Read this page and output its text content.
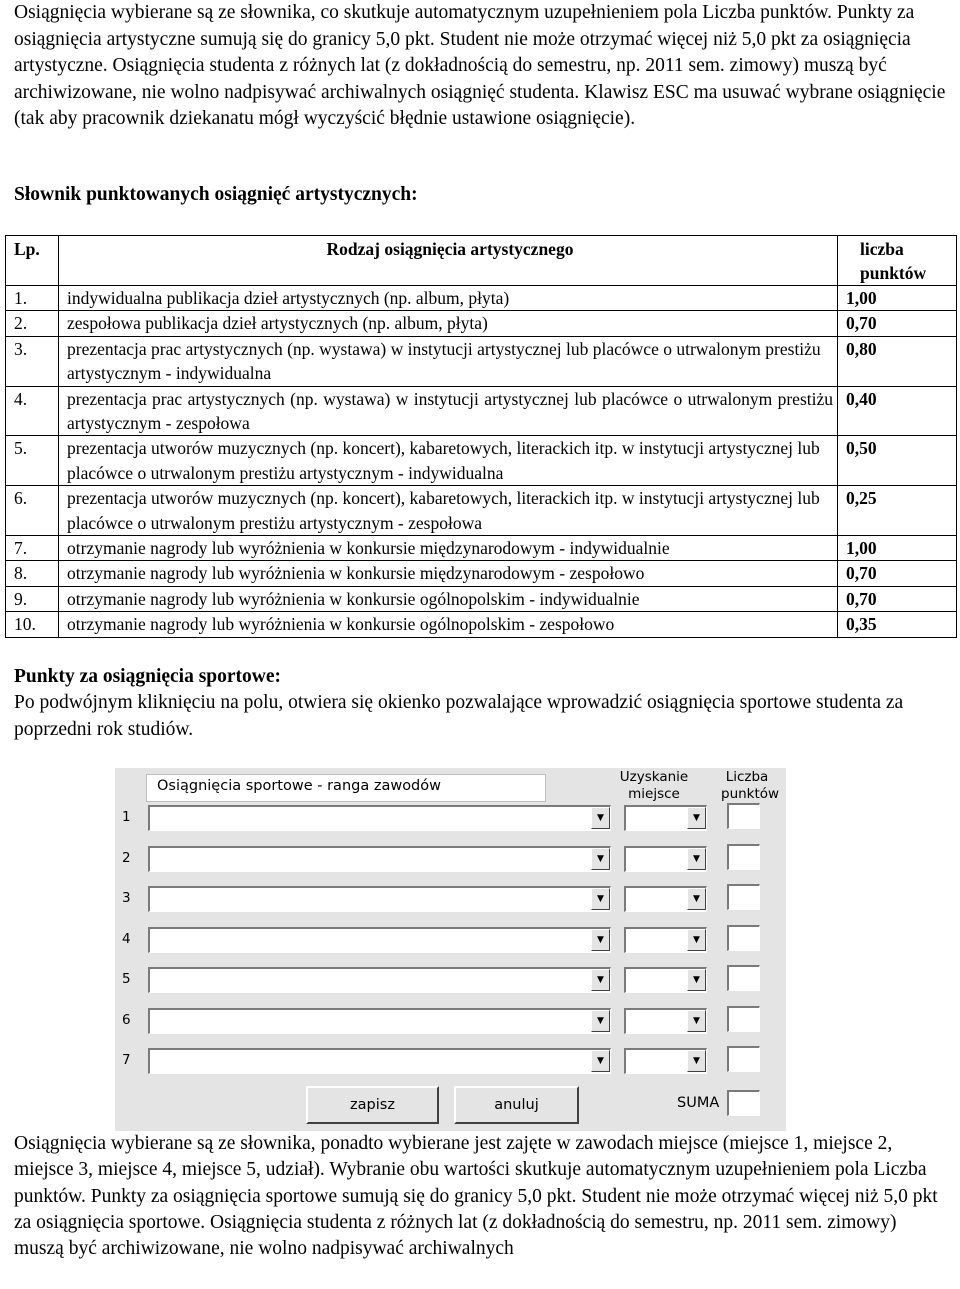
Osiągnięcia wybierane są ze słownika, co skutkuje automatycznym uzupełnieniem pola Liczba punktów. Punkty za osiągnięcia artystyczne sumują się do granicy 5,0 pkt. Student nie może otrzymać więcej niż 5,0 pkt za osiągnięcia artystyczne. Osiągnięcia studenta z różnych lat (z dokładnością do semestru, np. 2011 sem. zimowy) muszą być archiwizowane, nie wolno nadpisywać archiwalnych osiągnięć studenta. Klawisz ESC ma usuwać wybrane osiągnięcie (tak aby pracownik dziekanatu mógł wyczyścić błędnie ustawione osiągnięcie).

Słownik punktowanych osiągnięć artystycznych:
Lp.	Rodzaj osiągnięcia artystycznego	liczba punktów
1.	indywidualna publikacja dzieł artystycznych (np. album, płyta)	1,00
2.	zespołowa publikacja dzieł artystycznych (np. album, płyta)	0,70
3.	prezentacja prac artystycznych (np. wystawa) w instytucji artystycznej lub placówce o utrwalonym prestiżu artystycznym - indywidualna	0,80
4.	prezentacja prac artystycznych (np. wystawa) w instytucji artystycznej lub placówce o utrwalonym prestiżu artystycznym - zespołowa	0,40
5.	prezentacja utworów muzycznych (np. koncert), kabaretowych, literackich itp. w instytucji artystycznej lub placówce o utrwalonym prestiżu artystycznym - indywidualna	0,50
6.	prezentacja utworów muzycznych (np. koncert), kabaretowych, literackich itp. w instytucji artystycznej lub placówce o utrwalonym prestiżu artystycznym - zespołowa	0,25
7.	otrzymanie nagrody lub wyróżnienia w konkursie międzynarodowym - indywidualnie	1,00
8.	otrzymanie nagrody lub wyróżnienia w konkursie międzynarodowym - zespołowo	0,70
9.	otrzymanie nagrody lub wyróżnienia w konkursie ogólnopolskim - indywidualnie	0,70
10.	otrzymanie nagrody lub wyróżnienia w konkursie ogólnopolskim - zespołowo	0,35
Punkty za osiągnięcia sportowe:

Po podwójnym kliknięciu na polu, otwiera się okienko pozwalające wprowadzić osiągnięcia sportowe studenta za poprzedni rok studiów.

Osiągnięcia sportowe - ranga zawodów
Uzyskanie miejsce
Liczba punktów
1	▼	▼
2	▼	▼
3	▼	▼
4	▼	▼
5	▼	▼
6	▼	▼
7	▼	▼
zapisz	anuluj	SUMA

Osiągnięcia wybierane są ze słownika, ponadto wybierane jest zajęte w zawodach miejsce (miejsce 1, miejsce 2, miejsce 3, miejsce 4, miejsce 5, udział). Wybranie obu wartości skutkuje automatycznym uzupełnieniem pola Liczba punktów. Punkty za osiągnięcia sportowe sumują się do granicy 5,0 pkt. Student nie może otrzymać więcej niż 5,0 pkt za osiągnięcia sportowe. Osiągnięcia studenta z różnych lat (z dokładnością do semestru, np. 2011 sem. zimowy) muszą być archiwizowane, nie wolno nadpisywać archiwalnych
